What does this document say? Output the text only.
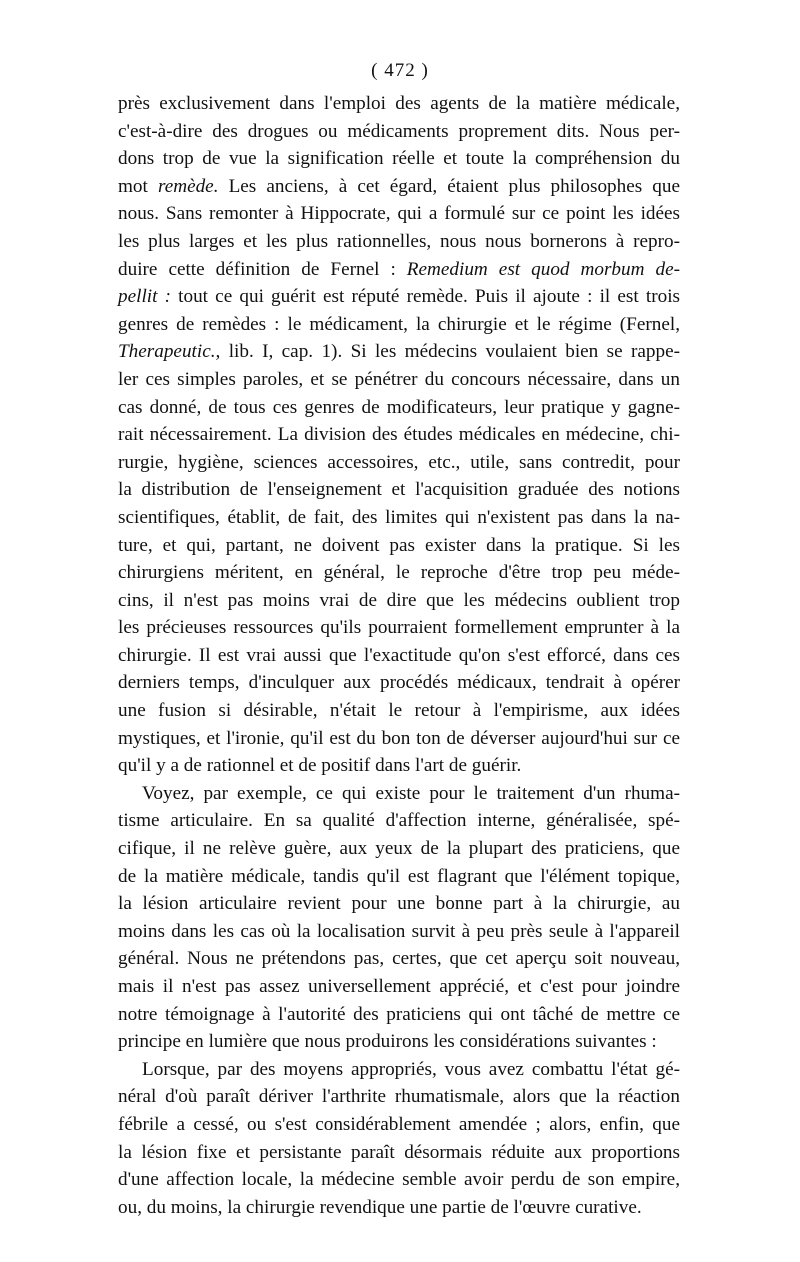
( 472 )
près exclusivement dans l'emploi des agents de la matière médicale,
c'est-à-dire des drogues ou médicaments proprement dits. Nous per-
dons trop de vue la signification réelle et toute la compréhension du
mot remède. Les anciens, à cet égard, étaient plus philosophes que
nous. Sans remonter à Hippocrate, qui a formulé sur ce point les idées
les plus larges et les plus rationnelles, nous nous bornerons à repro-
duire cette définition de Fernel : Remedium est quod morbum de-
pellit : tout ce qui guérit est réputé remède. Puis il ajoute : il est trois
genres de remèdes : le médicament, la chirurgie et le régime (Fernel,
Therapeutic., lib. I, cap. 1). Si les médecins voulaient bien se rappe-
ler ces simples paroles, et se pénétrer du concours nécessaire, dans un
cas donné, de tous ces genres de modificateurs, leur pratique y gagne-
rait nécessairement. La division des études médicales en médecine, chi-
rurgie, hygiène, sciences accessoires, etc., utile, sans contredit, pour
la distribution de l'enseignement et l'acquisition graduée des notions
scientifiques, établit, de fait, des limites qui n'existent pas dans la na-
ture, et qui, partant, ne doivent pas exister dans la pratique. Si les
chirurgiens méritent, en général, le reproche d'être trop peu méde-
cins, il n'est pas moins vrai de dire que les médecins oublient trop
les précieuses ressources qu'ils pourraient formellement emprunter à la
chirurgie. Il est vrai aussi que l'exactitude qu'on s'est efforcé, dans ces
derniers temps, d'inculquer aux procédés médicaux, tendrait à opérer
une fusion si désirable, n'était le retour à l'empirisme, aux idées
mystiques, et l'ironie, qu'il est du bon ton de déverser aujourd'hui sur ce
qu'il y a de rationnel et de positif dans l'art de guérir.
Voyez, par exemple, ce qui existe pour le traitement d'un rhuma-
tisme articulaire. En sa qualité d'affection interne, généralisée, spé-
cifique, il ne relève guère, aux yeux de la plupart des praticiens, que
de la matière médicale, tandis qu'il est flagrant que l'élément topique,
la lésion articulaire revient pour une bonne part à la chirurgie, au
moins dans les cas où la localisation survit à peu près seule à l'appareil
général. Nous ne prétendons pas, certes, que cet aperçu soit nouveau,
mais il n'est pas assez universellement apprécié, et c'est pour joindre
notre témoignage à l'autorité des praticiens qui ont tâché de mettre ce
principe en lumière que nous produirons les considérations suivantes :
Lorsque, par des moyens appropriés, vous avez combattu l'état gé-
néral d'où paraît dériver l'arthrite rhumatismale, alors que la réaction
fébrile a cessé, ou s'est considérablement amendée ; alors, enfin, que
la lésion fixe et persistante paraît désormais réduite aux proportions
d'une affection locale, la médecine semble avoir perdu de son empire,
ou, du moins, la chirurgie revendique une partie de l'œuvre curative.
